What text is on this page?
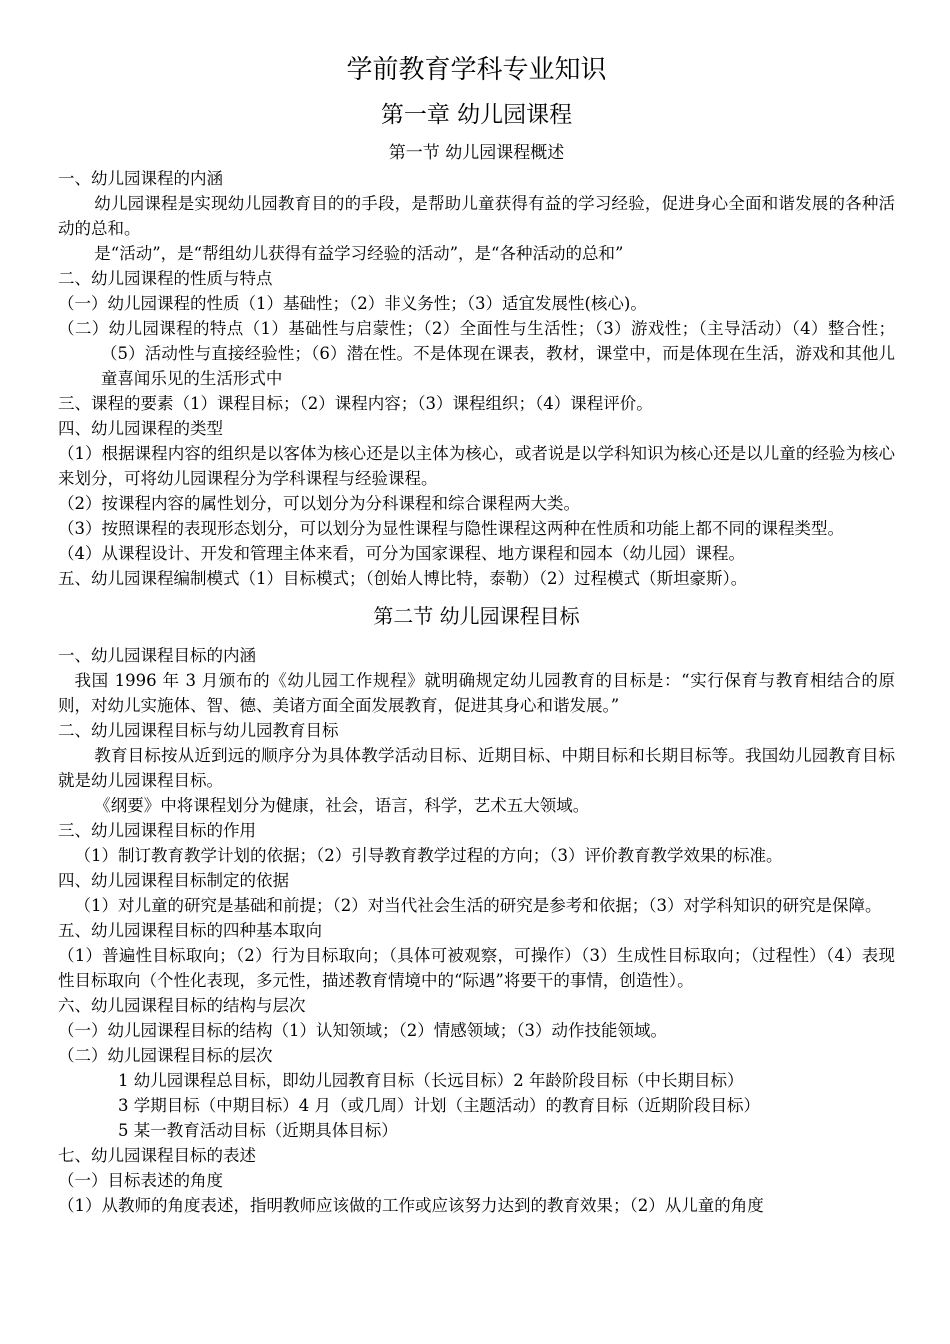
学前教育学科专业知识
第一章 幼儿园课程
第一节 幼儿园课程概述

一、幼儿园课程的内涵

幼儿园课程是实现幼儿园教育目的的手段，是帮助儿童获得有益的学习经验，促进身心全面和谐发展的各种活动的总和。

是“活动”，是“帮组幼儿获得有益学习经验的活动”，是“各种活动的总和”

二、幼儿园课程的性质与特点

（一）幼儿园课程的性质（1）基础性；（2）非义务性；（3）适宜发展性(核心)。

（二）幼儿园课程的特点（1）基础性与启蒙性；（2）全面性与生活性；（3）游戏性；（主导活动）（4）整合性；（5）活动性与直接经验性；（6）潜在性。不是体现在课表，教材，课堂中，而是体现在生活，游戏和其他儿童喜闻乐见的生活形式中

三、课程的要素（1）课程目标；（2）课程内容；（3）课程组织；（4）课程评价。

四、幼儿园课程的类型

（1）根据课程内容的组织是以客体为核心还是以主体为核心，或者说是以学科知识为核心还是以儿童的经验为核心来划分，可将幼儿园课程分为学科课程与经验课程。

（2）按课程内容的属性划分，可以划分为分科课程和综合课程两大类。

（3）按照课程的表现形态划分，可以划分为显性课程与隐性课程这两种在性质和功能上都不同的课程类型。

（4）从课程设计、开发和管理主体来看，可分为国家课程、地方课程和园本（幼儿园）课程。

五、幼儿园课程编制模式（1）目标模式；（创始人博比特，泰勒）（2）过程模式（斯坦豪斯）。

第二节 幼儿园课程目标

一、幼儿园课程目标的内涵

我国 1996 年 3 月颁布的《幼儿园工作规程》就明确规定幼儿园教育的目标是：“实行保育与教育相结合的原则，对幼儿实施体、智、德、美诸方面全面发展教育，促进其身心和谐发展。”

二、幼儿园课程目标与幼儿园教育目标

教育目标按从近到远的顺序分为具体教学活动目标、近期目标、中期目标和长期目标等。我国幼儿园教育目标就是幼儿园课程目标。

《纲要》中将课程划分为健康，社会，语言，科学，艺术五大领域。

三、幼儿园课程目标的作用

（1）制订教育教学计划的依据；（2）引导教育教学过程的方向；（3）评价教育教学效果的标准。

四、幼儿园课程目标制定的依据

（1）对儿童的研究是基础和前提；（2）对当代社会生活的研究是参考和依据；（3）对学科知识的研究是保障。

五、幼儿园课程目标的四种基本取向

（1）普遍性目标取向；（2）行为目标取向；（具体可被观察，可操作）（3）生成性目标取向；（过程性）（4）表现性目标取向（个性化表现，多元性，描述教育情境中的“际遇”将要干的事情，创造性）。

六、幼儿园课程目标的结构与层次

（一）幼儿园课程目标的结构（1）认知领域；（2）情感领域；（3）动作技能领域。

（二）幼儿园课程目标的层次

1 幼儿园课程总目标，即幼儿园教育目标（长远目标）2 年龄阶段目标（中长期目标）

3 学期目标（中期目标）4 月（或几周）计划（主题活动）的教育目标（近期阶段目标）

5 某一教育活动目标（近期具体目标）

七、幼儿园课程目标的表述

（一）目标表述的角度

（1）从教师的角度表述，指明教师应该做的工作或应该努力达到的教育效果；（2）从儿童的角度
